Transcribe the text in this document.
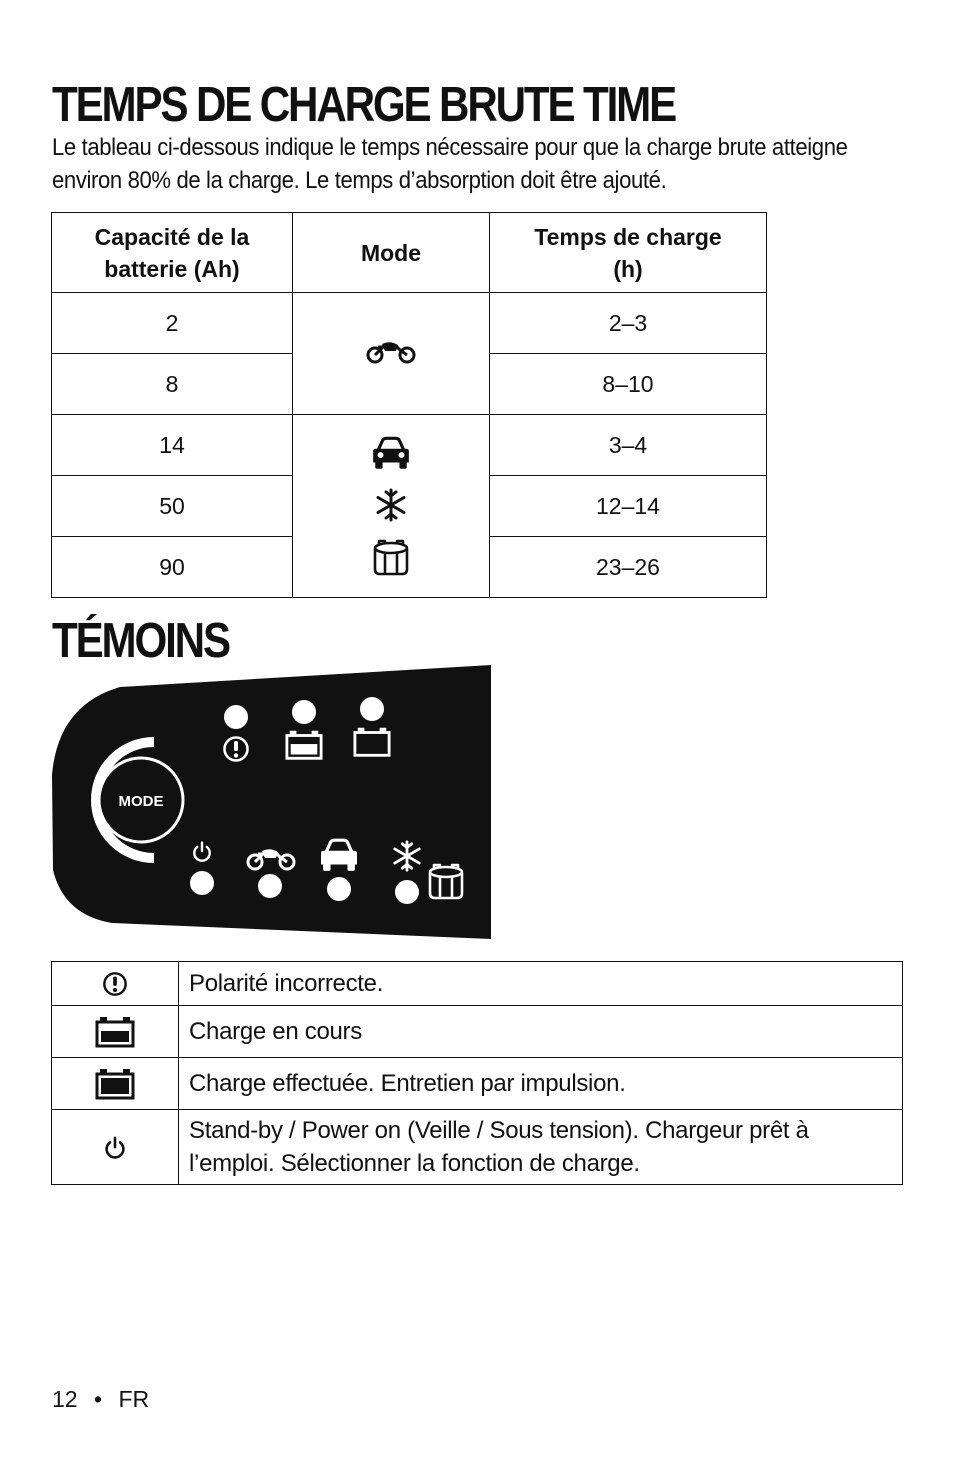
TEMPS DE CHARGE BRUTE TIME

Le tableau ci-dessous indique le temps nécessaire pour que la charge brute atteigne environ 80% de la charge. Le temps d’absorption doit être ajouté.

Capacité de la batterie (Ah)	Mode	Temps de charge (h)
2		2–3
8		8–10
14		3–4
50		12–14
90		23–26
TÉMOINS
MODE
	Polarité incorrecte.
	Charge en cours
	Charge effectuée. Entretien par impulsion.
	Stand-by / Power on (Veille / Sous tension). Chargeur prêt à l’emploi. Sélectionner la fonction de charge.
12 • FR
